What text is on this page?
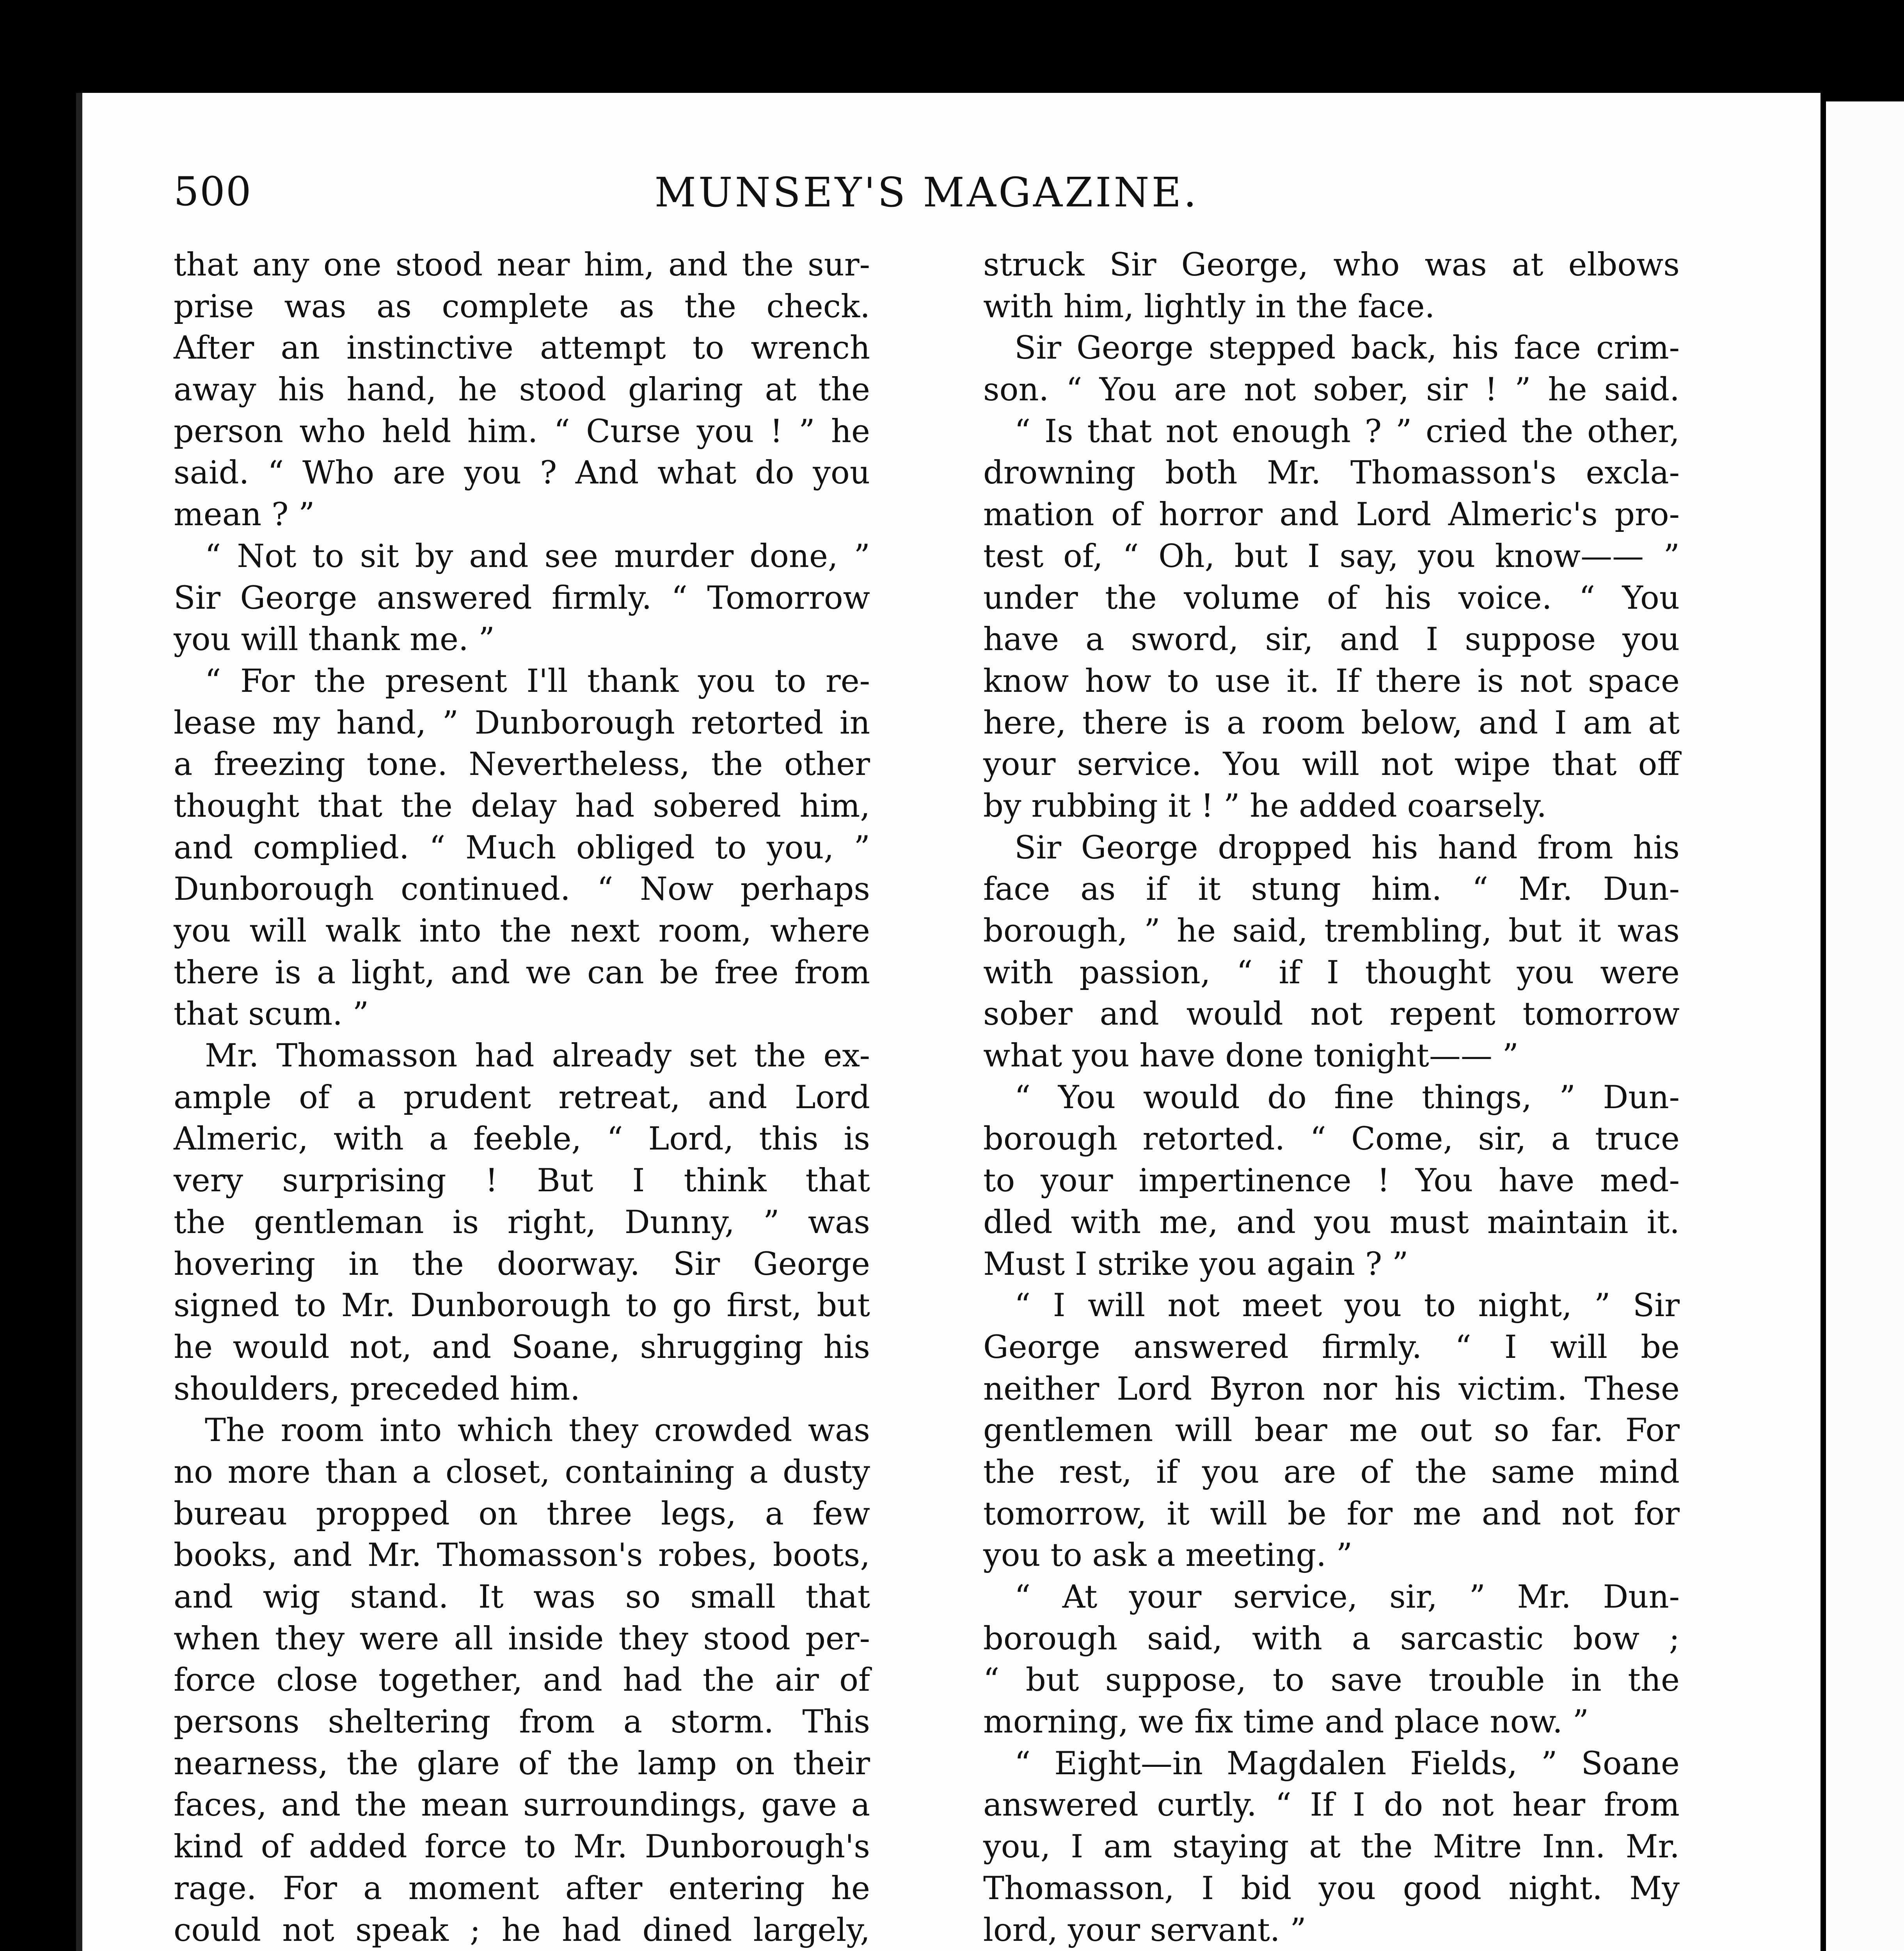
500	MUNSEY'S MAGAZINE.
that any one stood near him, and the sur-
prise was as complete as the check.
After an instinctive attempt to wrench
away his hand, he stood glaring at the
person who held him. “ Curse you ! ” he
said. “ Who are you ? And what do you
mean ? ”
“ Not to sit by and see murder done, ”
Sir George answered firmly. “ Tomorrow
you will thank me. ”
“ For the present I'll thank you to re-
lease my hand, ” Dunborough retorted in
a freezing tone. Nevertheless, the other
thought that the delay had sobered him,
and complied. “ Much obliged to you, ”
Dunborough continued. “ Now perhaps
you will walk into the next room, where
there is a light, and we can be free from
that scum. ”
Mr. Thomasson had already set the ex-
ample of a prudent retreat, and Lord
Almeric, with a feeble, “ Lord, this is
very surprising ! But I think that
the gentleman is right, Dunny, ” was
hovering in the doorway. Sir George
signed to Mr. Dunborough to go first, but
he would not, and Soane, shrugging his
shoulders, preceded him.
The room into which they crowded was
no more than a closet, containing a dusty
bureau propped on three legs, a few
books, and Mr. Thomasson's robes, boots,
and wig stand. It was so small that
when they were all inside they stood per-
force close together, and had the air of
persons sheltering from a storm. This
nearness, the glare of the lamp on their
faces, and the mean surroundings, gave a
kind of added force to Mr. Dunborough's
rage. For a moment after entering he
could not speak ; he had dined largely,
struck Sir George, who was at elbows
with him, lightly in the face.
Sir George stepped back, his face crim-
son. “ You are not sober, sir ! ” he said.
“ Is that not enough ? ” cried the other,
drowning both Mr. Thomasson's excla-
mation of horror and Lord Almeric's pro-
test of, “ Oh, but I say, you know—— ”
under the volume of his voice. “ You
have a sword, sir, and I suppose you
know how to use it. If there is not space
here, there is a room below, and I am at
your service. You will not wipe that off
by rubbing it ! ” he added coarsely.
Sir George dropped his hand from his
face as if it stung him. “ Mr. Dun-
borough, ” he said, trembling, but it was
with passion, “ if I thought you were
sober and would not repent tomorrow
what you have done tonight—— ”
“ You would do fine things, ” Dun-
borough retorted. “ Come, sir, a truce
to your impertinence ! You have med-
dled with me, and you must maintain it.
Must I strike you again ? ”
“ I will not meet you to night, ” Sir
George answered firmly. “ I will be
neither Lord Byron nor his victim. These
gentlemen will bear me out so far. For
the rest, if you are of the same mind
tomorrow, it will be for me and not for
you to ask a meeting. ”
“ At your service, sir, ” Mr. Dun-
borough said, with a sarcastic bow ;
“ but suppose, to save trouble in the
morning, we fix time and place now. ”
“ Eight—in Magdalen Fields, ” Soane
answered curtly. “ If I do not hear from
you, I am staying at the Mitre Inn. Mr.
Thomasson, I bid you good night. My
lord, your servant. ”
